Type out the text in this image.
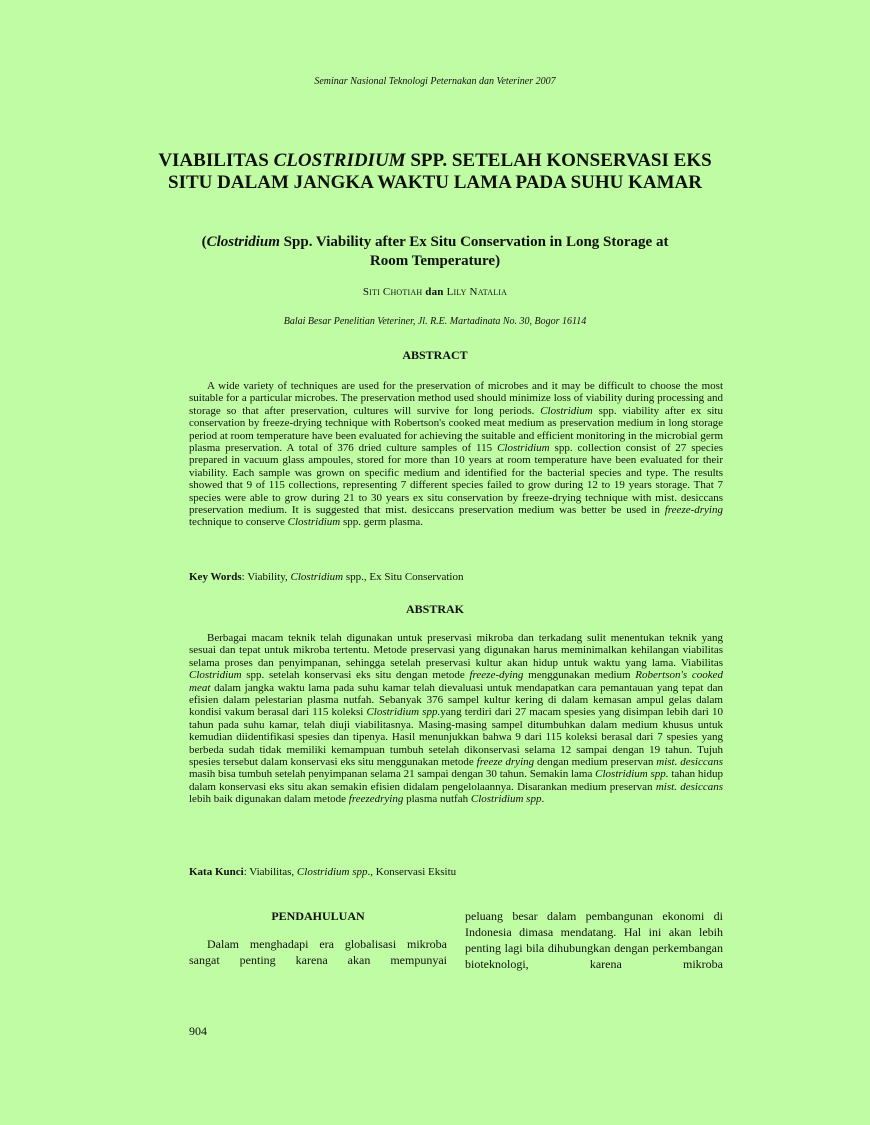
Seminar Nasional Teknologi Peternakan dan Veteriner 2007
VIABILITAS CLOSTRIDIUM SPP. SETELAH KONSERVASI EKS SITU DALAM JANGKA WAKTU LAMA PADA SUHU KAMAR
(Clostridium Spp. Viability after Ex Situ Conservation in Long Storage at Room Temperature)
Siti Chotiah dan Lily Natalia
Balai Besar Penelitian Veteriner, Jl. R.E. Martadinata No. 30, Bogor 16114
ABSTRACT
A wide variety of techniques are used for the preservation of microbes and it may be difficult to choose the most suitable for a particular microbes. The preservation method used should minimize loss of viability during processing and storage so that after preservation, cultures will survive for long periods. Clostridium spp. viability after ex situ conservation by freeze-drying technique with Robertson's cooked meat medium as preservation medium in long storage period at room temperature have been evaluated for achieving the suitable and efficient monitoring in the microbial germ plasma preservation. A total of 376 dried culture samples of 115 Clostridium spp. collection consist of 27 species prepared in vacuum glass ampoules, stored for more than 10 years at room temperature have been evaluated for their viability. Each sample was grown on specific medium and identified for the bacterial species and type. The results showed that 9 of 115 collections, representing 7 different species failed to grow during 12 to 19 years storage. That 7 species were able to grow during 21 to 30 years ex situ conservation by freeze-drying technique with mist. desiccans preservation medium. It is suggested that mist. desiccans preservation medium was better be used in freeze-drying technique to conserve Clostridium spp. germ plasma.
Key Words: Viability, Clostridium spp., Ex Situ Conservation
ABSTRAK
Berbagai macam teknik telah digunakan untuk preservasi mikroba dan terkadang sulit menentukan teknik yang sesuai dan tepat untuk mikroba tertentu. Metode preservasi yang digunakan harus meminimalkan kehilangan viabilitas selama proses dan penyimpanan, sehingga setelah preservasi kultur akan hidup untuk waktu yang lama. Viabilitas Clostridium spp. setelah konservasi eks situ dengan metode freeze-dying menggunakan medium Robertson's cooked meat dalam jangka waktu lama pada suhu kamar telah dievaluasi untuk mendapatkan cara pemantauan yang tepat dan efisien dalam pelestarian plasma nutfah. Sebanyak 376 sampel kultur kering di dalam kemasan ampul gelas dalam kondisi vakum berasal dari 115 koleksi Clostridium spp.yang terdiri dari 27 macam spesies yang disimpan lebih dari 10 tahun pada suhu kamar, telah diuji viabilitasnya. Masing-masing sampel ditumbuhkan dalam medium khusus untuk kemudian diidentifikasi spesies dan tipenya. Hasil menunjukkan bahwa 9 dari 115 koleksi berasal dari 7 spesies yang berbeda sudah tidak memiliki kemampuan tumbuh setelah dikonservasi selama 12 sampai dengan 19 tahun. Tujuh spesies tersebut dalam konservasi eks situ menggunakan metode freeze drying dengan medium preservan mist. desiccans masih bisa tumbuh setelah penyimpanan selama 21 sampai dengan 30 tahun. Semakin lama Clostridium spp. tahan hidup dalam konservasi eks situ akan semakin efisien didalam pengelolaannya. Disarankan medium preservan mist. desiccans lebih baik digunakan dalam metode freezedrying plasma nutfah Clostridium spp.
Kata Kunci: Viabilitas, Clostridium spp., Konservasi Eksitu
PENDAHULUAN
Dalam menghadapi era globalisasi mikroba sangat penting karena akan mempunyai
peluang besar dalam pembangunan ekonomi di Indonesia dimasa mendatang. Hal ini akan lebih penting lagi bila dihubungkan dengan perkembangan bioteknologi, karena mikroba
904
